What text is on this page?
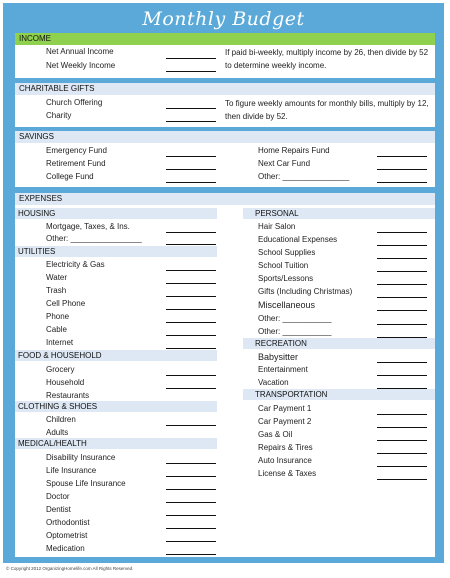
Monthly Budget
INCOME
Net Annual Income
Net Weekly Income
If paid bi-weekly, multiply income by 26, then divide by 52 to determine weekly income.
CHARITABLE GIFTS
Church Offering
Charity
To figure weekly amounts for monthly bills, multiply by 12, then divide by 52.
SAVINGS
Emergency Fund
Retirement Fund
College Fund
Home Repairs Fund
Next Car Fund
Other: _______________
EXPENSES
HOUSING
Mortgage, Taxes, & Ins.
Other: ________________
UTILITIES
Electricity & Gas
Water
Trash
Cell Phone
Phone
Cable
Internet
FOOD & HOUSEHOLD
Grocery
Household
Restaurants
CLOTHING & SHOES
Children
Adults
MEDICAL/HEALTH
Disability Insurance
Life Insurance
Spouse Life Insurance
Doctor
Dentist
Orthodontist
Optometrist
Medication
PERSONAL
Hair Salon
Educational Expenses
School Supplies
School Tuition
Sports/Lessons
Gifts (Including Christmas)
Miscellaneous
Other: ___________
Other: ___________
RECREATION
Babysitter
Entertainment
Vacation
TRANSPORTATION
Car Payment 1
Car Payment 2
Gas & Oil
Repairs & Tires
Auto Insurance
License & Taxes
© Copyright 2012 OrganizingHomelife.com All Rights Reserved.
